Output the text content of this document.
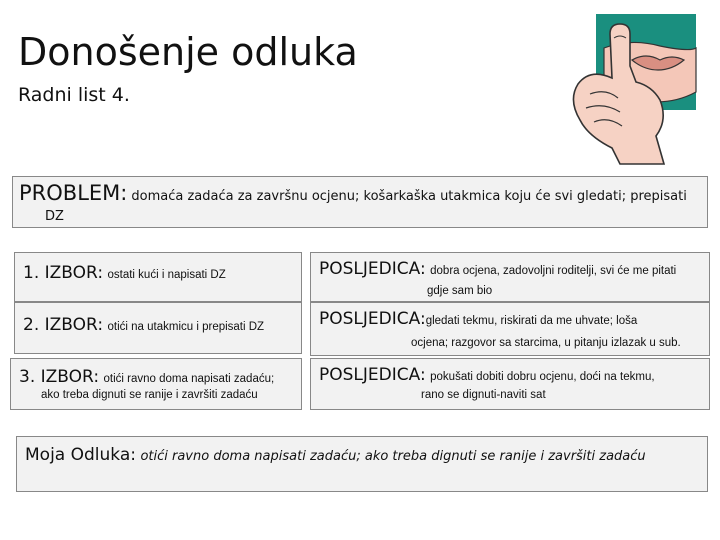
Donošenje odluka
Radni list 4.
PROBLEM: domaća zadaća za završnu ocjenu; košarkaška utakmica koju će svi gledati; prepisati
DZ
1. IZBOR: ostati kući i napisati DZ
2. IZBOR: otići na utakmicu i prepisati DZ
3. IZBOR: otići ravno doma napisati zadaću;
ako treba dignuti se ranije i završiti zadaću
POSLJEDICA: dobra ocjena, zadovoljni roditelji, svi će me pitati
gdje sam bio
POSLJEDICA:gledati tekmu, riskirati da me uhvate; loša
ocjena; razgovor sa starcima, u pitanju izlazak u sub.
POSLJEDICA: pokušati dobiti dobru ocjenu, doći na tekmu,
rano se dignuti-naviti sat
Moja Odluka: otići ravno doma napisati zadaću; ako treba dignuti se ranije i završiti zadaću
